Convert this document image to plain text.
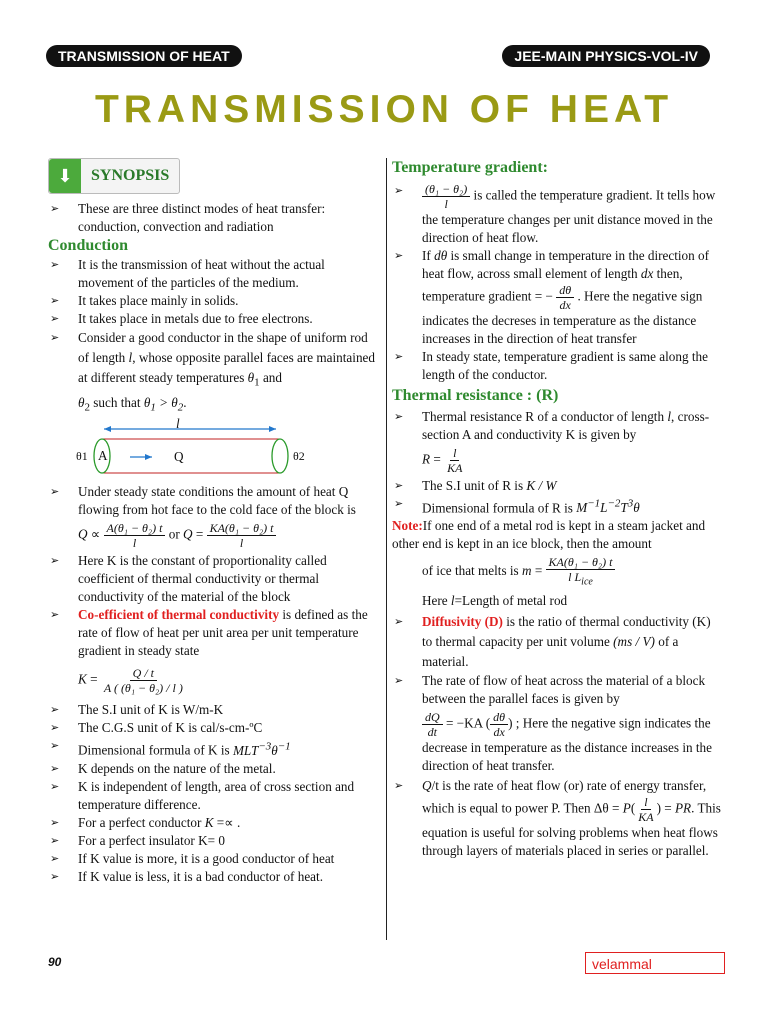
TRANSMISSION OF HEAT	JEE-MAIN PHYSICS-VOL-IV
TRANSMISSION OF HEAT
⬇	SYNOPSIS

➢ These are three distinct modes of heat transfer: conduction, convection and radiation

Conduction

➢ It is the transmission of heat without the actual movement of the particles of the medium.

➢ It takes place mainly in solids.

➢ It takes place in metals due to free electrons.

➢ Consider a good conductor in the shape of uniform rod of length l, whose opposite parallel faces are maintained at different steady temperatures $\theta_1$ and
$\theta_2$ such that $\theta_1 > \theta_2$.

l
θ1 A	Q	θ2

➢ Under steady state conditions the amount of heat Q flowing from hot face to the cold face of the block is

$Q \propto \frac{\text{A(θ₁ − θ₂) t}}{l}$ or $Q = \frac{\text{KA(θ₁ − θ₂) t}}{l}$

➢ Here K is the constant of proportionality called coefficient of thermal conductivity or thermal conductivity of the material of the block

➢ Co-efficient of thermal conductivity is defined as the rate of flow of heat per unit area per unit temperature gradient in steady state

$K = \frac{Q / t}{\text{A ( (θ₁ − θ₂) / l )}}$

➢ The S.I unit of K is W/m-K

➢ The C.G.S unit of K is cal/s-cm-ºC

➢ Dimensional formula of K is $MLT^{-3}\theta^{-1}$

➢ K depends on the nature of the metal.

➢ K is independent of length, area of cross section and temperature difference.

➢ For a perfect conductor K =∝ .

➢ For a perfect insulator K= 0

➢ If K value is more, it is a good conductor of heat

➢ If K value is less, it is a bad conductor of heat.

Temperature gradient:

➢ $\frac{\text{(θ₁ − θ₂)}}{l}$ is called the temperature gradient. It tells how the temperature changes per unit distance moved in the direction of heat flow.

➢ If dθ is small change in temperature in the direction of heat flow, across small element of length dx then,
temperature gradient = − $\frac{d\theta}{dx}$ . Here the negative sign indicates the decreses in temperature as the distance increases in the direction of heat transfer

➢ In steady state, temperature gradient is same along the length of the conductor.

Thermal resistance : (R)

➢ Thermal resistance R of a conductor of length l, cross-section A and conductivity K is given by

$R = \frac{l}{KA}$

➢ The S.I unit of R is K / W

➢ Dimensional formula of R is $M^{-1}L^{-2}T^3\theta$

Note:If one end of a metal rod is kept in a steam jacket and other end is kept in an ice block, then the amount

of ice that melts is $m = \frac{\text{KA(θ₁ − θ₂) t}}{l L_{ice}}$

Here l=Length of metal rod

➢ Diffusivity (D) is the ratio of thermal conductivity (K) to thermal capacity per unit volume (ms / V) of a material.

➢ The rate of flow of heat across the material of a block between the parallel faces is given by

$\frac{dQ}{dt} = -KA$ ( $\frac{d\theta}{dx}$ ) ; Here the negative sign indicates the decrease in temperature as the distance increases in the direction of heat transfer.

➢ Q/t is the rate of heat flow (or) rate of energy transfer, which is equal to power P. Then $\Delta\theta = P( \frac{l}{KA}$ ) = PR. This equation is useful for solving problems when heat flows through layers of materials placed in series or parallel.

90	velammal
